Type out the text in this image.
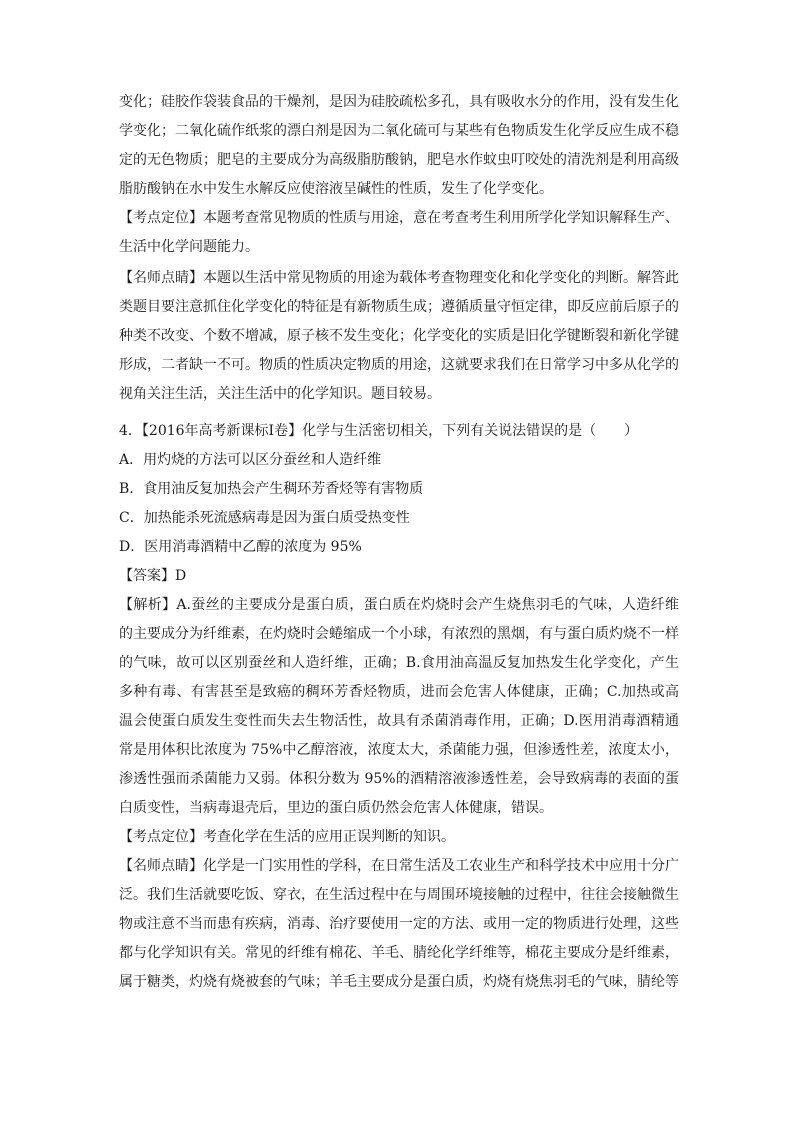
变化；硅胶作袋装食品的干燥剂，是因为硅胶疏松多孔，具有吸收水分的作用，没有发生化学变化；二氧化硫作纸浆的漂白剂是因为二氧化硫可与某些有色物质发生化学反应生成不稳定的无色物质；肥皂的主要成分为高级脂肪酸钠，肥皂水作蚊虫叮咬处的清洗剂是利用高级脂肪酸钠在水中发生水解反应使溶液呈碱性的性质，发生了化学变化。

【考点定位】本题考查常见物质的性质与用途，意在考查考生利用所学化学知识解释生产、生活中化学问题能力。

【名师点睛】本题以生活中常见物质的用途为载体考查物理变化和化学变化的判断。解答此类题目要注意抓住化学变化的特征是有新物质生成；遵循质量守恒定律，即反应前后原子的种类不改变、个数不增减，原子核不发生变化；化学变化的实质是旧化学键断裂和新化学键形成，二者缺一不可。物质的性质决定物质的用途，这就要求我们在日常学习中多从化学的视角关注生活，关注生活中的化学知识。题目较易。

4．【2016年高考新课标Ⅰ卷】化学与生活密切相关，下列有关说法错误的是（　　）

A．用灼烧的方法可以区分蚕丝和人造纤维

B．食用油反复加热会产生稠环芳香烃等有害物质

C．加热能杀死流感病毒是因为蛋白质受热变性

D．医用消毒酒精中乙醇的浓度为 95%

【答案】D

【解析】A.蚕丝的主要成分是蛋白质，蛋白质在灼烧时会产生烧焦羽毛的气味，人造纤维的主要成分为纤维素，在灼烧时会蜷缩成一个小球，有浓烈的黑烟，有与蛋白质灼烧不一样的气味，故可以区别蚕丝和人造纤维，正确；B.食用油高温反复加热发生化学变化，产生多种有毒、有害甚至是致癌的稠环芳香烃物质，进而会危害人体健康，正确；C.加热或高温会使蛋白质发生变性而失去生物活性，故具有杀菌消毒作用，正确；D.医用消毒酒精通常是用体积比浓度为 75%中乙醇溶液，浓度太大，杀菌能力强，但渗透性差，浓度太小，渗透性强而杀菌能力又弱。体积分数为 95%的酒精溶液渗透性差，会导致病毒的表面的蛋白质变性，当病毒退壳后，里边的蛋白质仍然会危害人体健康，错误。

【考点定位】考查化学在生活的应用正误判断的知识。

【名师点睛】化学是一门实用性的学科，在日常生活及工农业生产和科学技术中应用十分广泛。我们生活就要吃饭、穿衣，在生活过程中在与周围环境接触的过程中，往往会接触微生物或注意不当而患有疾病，消毒、治疗要使用一定的方法、或用一定的物质进行处理，这些都与化学知识有关。常见的纤维有棉花、羊毛、腈纶化学纤维等，棉花主要成分是纤维素，属于糖类，灼烧有烧被套的气味；羊毛主要成分是蛋白质，灼烧有烧焦羽毛的气味，腈纶等
